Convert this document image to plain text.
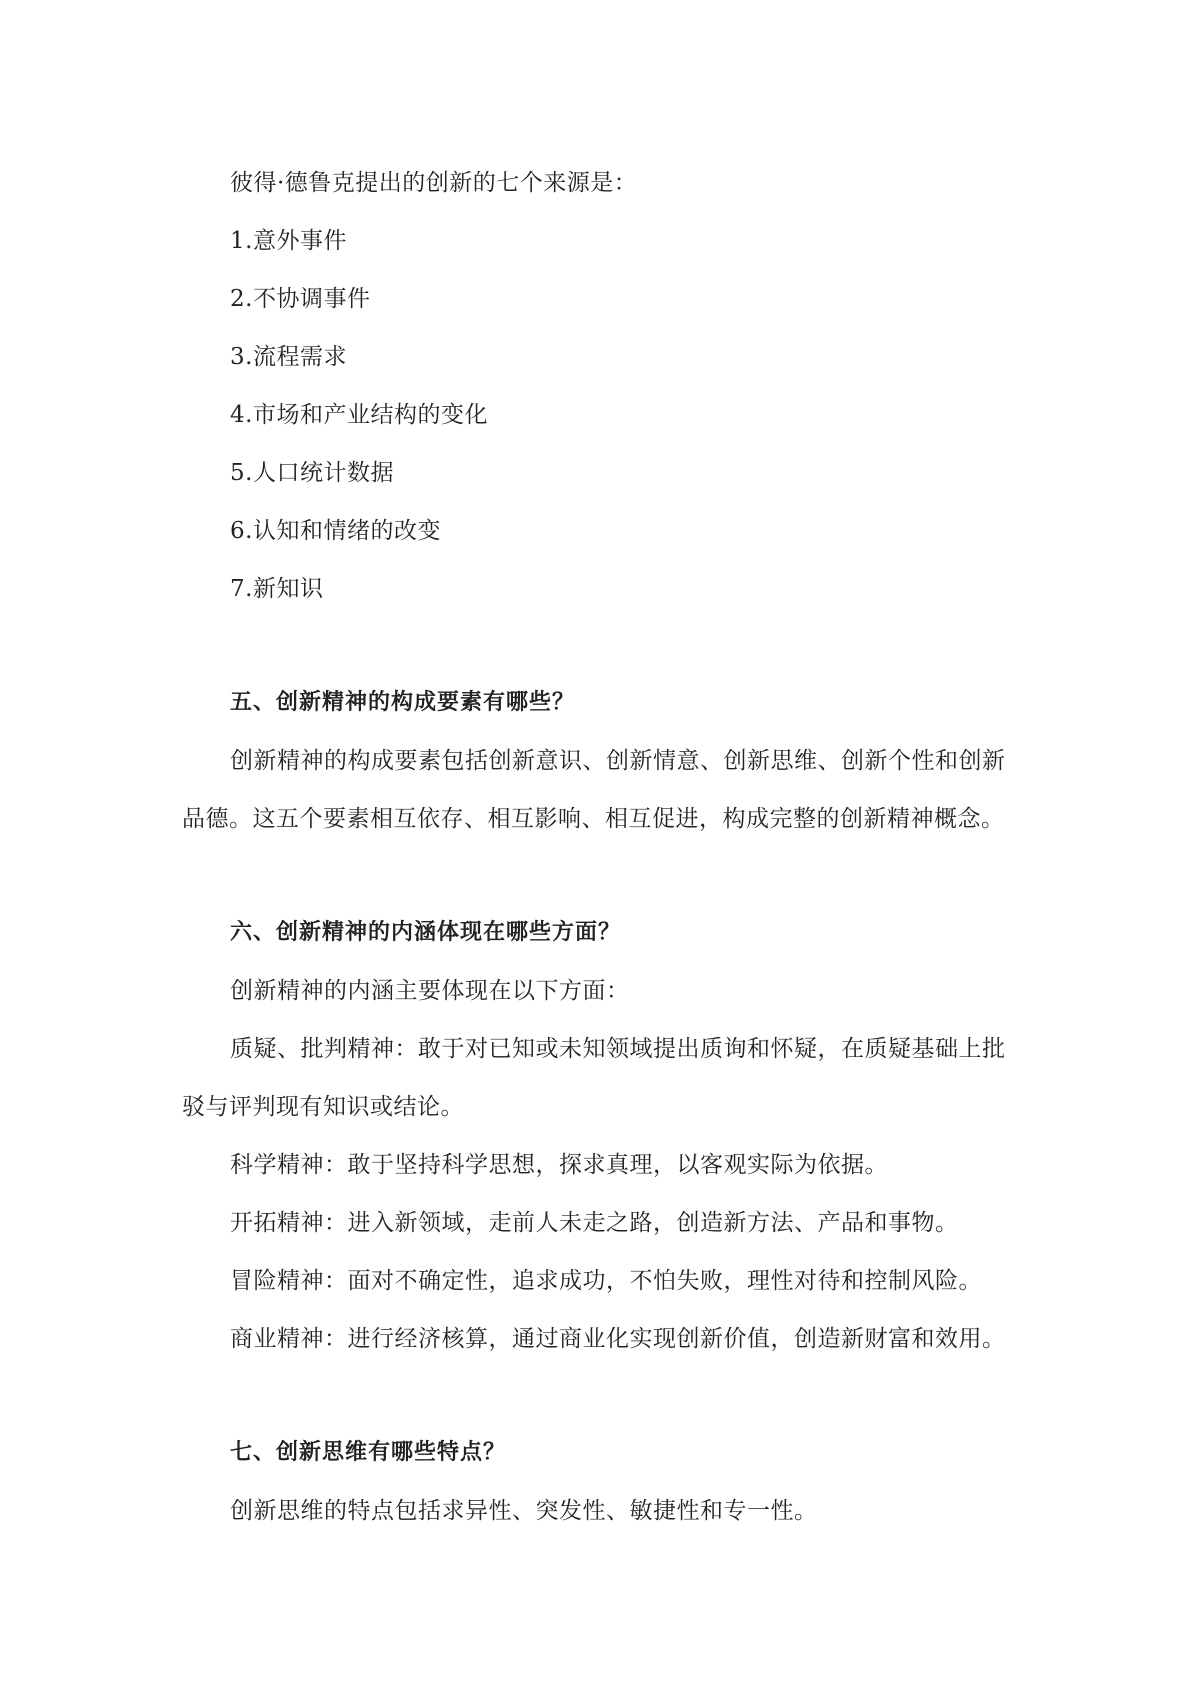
彼得·德鲁克提出的创新的七个来源是：
1.意外事件
2.不协调事件
3.流程需求
4.市场和产业结构的变化
5.人口统计数据
6.认知和情绪的改变
7.新知识
五、创新精神的构成要素有哪些？
创新精神的构成要素包括创新意识、创新情意、创新思维、创新个性和创新
品德。这五个要素相互依存、相互影响、相互促进，构成完整的创新精神概念。
六、创新精神的内涵体现在哪些方面？
创新精神的内涵主要体现在以下方面：
质疑、批判精神：敢于对已知或未知领域提出质询和怀疑，在质疑基础上批
驳与评判现有知识或结论。
科学精神：敢于坚持科学思想，探求真理，以客观实际为依据。
开拓精神：进入新领域，走前人未走之路，创造新方法、产品和事物。
冒险精神：面对不确定性，追求成功，不怕失败，理性对待和控制风险。
商业精神：进行经济核算，通过商业化实现创新价值，创造新财富和效用。
七、创新思维有哪些特点？
创新思维的特点包括求异性、突发性、敏捷性和专一性。
